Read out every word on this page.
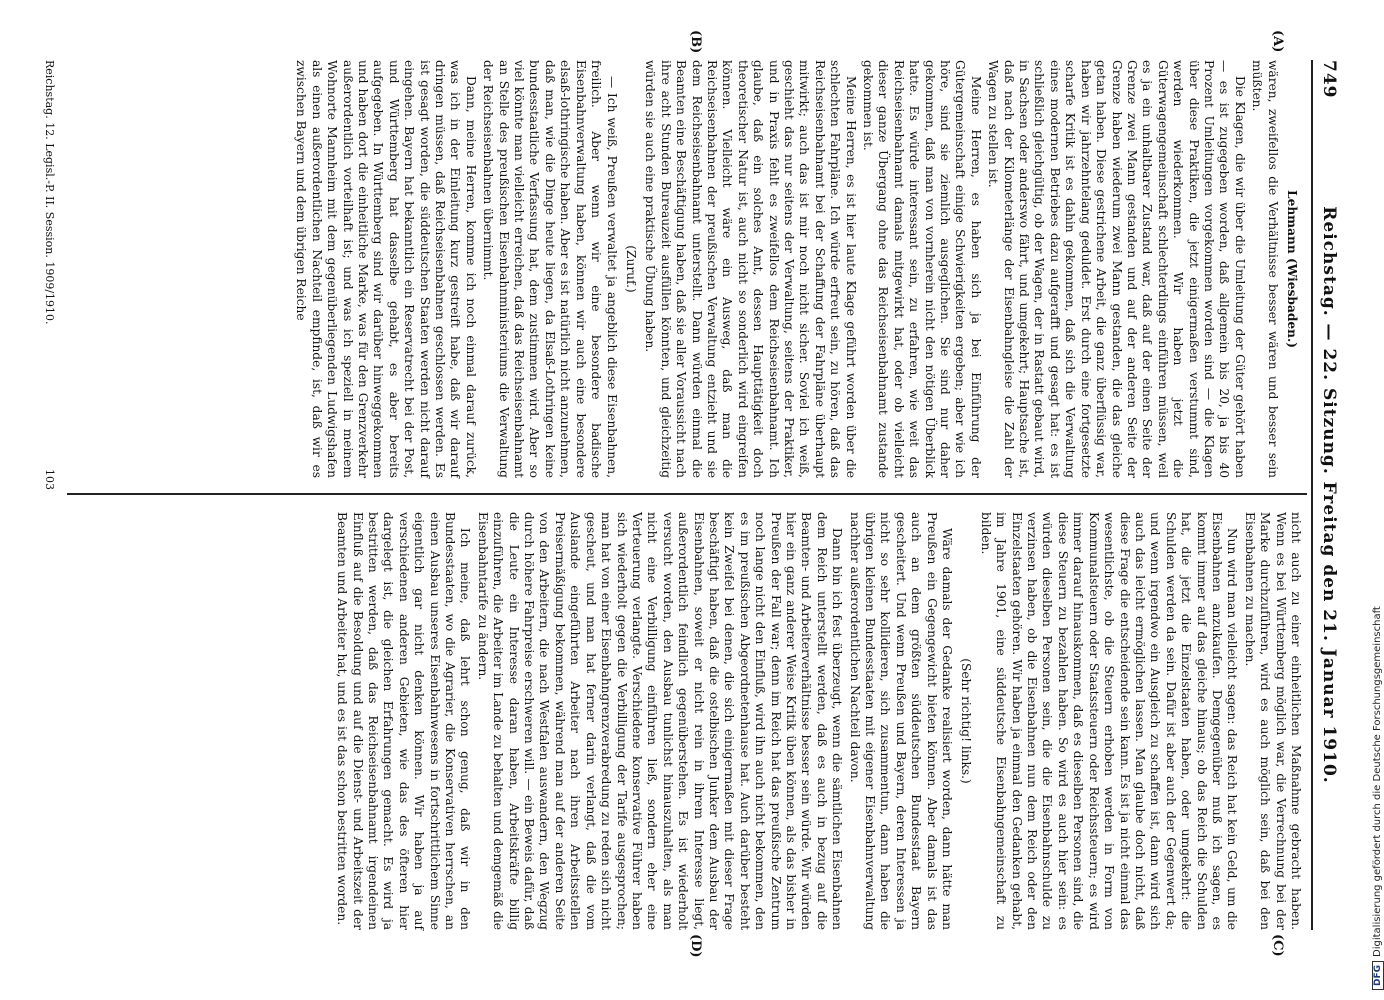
749
Reichstag. — 22. Sitzung. Freitag den 21. Januar 1910.
(A)
(B)
(C)
(D)

Lehmann (Wiesbaden.)

wären, zweifellos die Verhältnisse besser wären und besser sein müßten.

Die Klagen, die wir über die Umleitung der Güter gehört haben — es ist zugegeben worden, daß allgemein bis 20, ja bis 40 Prozent Umleitungen vorgekommen worden sind — die Klagen über diese Praktiken, die jetzt einigermaßen verstummt sind, werden wiederkommen. Wir haben jetzt die Güterwagengemeinschaft schlechterdings einführen müssen, weil es ja ein unhaltbarer Zustand war, daß auf der einen Seite der Grenze zwei Mann gestanden und auf der anderen Seite der Grenze haben wiederum zwei Mann gestanden, die das gleiche getan haben. Diese gestrichene Arbeit, die ganz überflüssig war, haben wir jahrzehntelang geduldet. Erst durch eine fortgesetzte scharfe Kritik ist es dahin gekommen, daß sich die Verwaltung eines modernen Betriebes dazu aufgerafft und gesagt hat: es ist schließlich gleichgültig, ob der Wagen, der in Rastatt gebaut wird, in Sachsen oder anderswo fährt, und umgekehrt; Hauptsache ist, daß nach der Kilometerlänge der Eisenbahngleise die Zahl der Wagen zu stellen ist.

Meine Herren, es haben sich ja bei Einführung der Gütergemeinschaft einige Schwierigkeiten ergeben; aber wie ich höre, sind sie ziemlich ausgeglichen. Sie sind nur daher gekommen, daß man von vornherein nicht den nötigen Überblick hatte. Es würde interessant sein, zu erfahren, wie weit das Reichseisenbahnamt damals mitgewirkt hat, oder ob vielleicht dieser ganze Übergang ohne das Reichseisenbahnamt zustande gekommen ist.

Meine Herren, es ist hier laute Klage geführt worden über die schlechten Fahrpläne. Ich würde erfreut sein, zu hören, daß das Reichseisenbahnamt bei der Schaffung der Fahrpläne überhaupt mitwirkt; auch das ist mir noch nicht sicher. Soviel ich weiß, geschieht das nur seitens der Verwaltung, seitens der Praktiker, und in Praxis fehlt es zweifellos dem Reichseisenbahnamt. Ich glaube, daß ein solches Amt, dessen Haupttätigkeit doch theoretischer Natur ist, auch nicht so sonderlich wird eingreifen können. Vielleicht wäre ein Ausweg, daß man die Reichseisenbahnen der preußischen Verwaltung entzieht und sie dem Reichseisenbahnamt unterstellt. Dann würden einmal die Beamten eine Beschäftigung haben, daß sie aller Voraussicht nach ihre acht Stunden Bureauzeit ausfüllen könnten, und gleichzeitig würden sie auch eine praktische Übung haben.

(Zuruf.)

— Ich weiß, Preußen verwaltet ja angeblich diese Eisenbahnen, freilich. Aber wenn wir eine besondere badische Eisenbahnverwaltung haben, können wir auch eine besondere elsaß-lothringische haben. Aber es ist natürlich nicht anzunehmen, daß man, wie die Dinge heute liegen, da Elsaß-Lothringen keine bundesstaatliche Verfassung hat, dem zustimmen wird. Aber so viel könnte man vielleicht erreichen, daß das Reichseisenbahnamt an Stelle des preußischen Eisenbahnministeriums die Verwaltung der Reichseisenbahnen übernimmt.

Dann, meine Herren, komme ich noch einmal darauf zurück, was ich in der Einleitung kurz gestreift habe, daß wir darauf dringen müssen, daß Reichseisenbahnen geschlossen werden. Es ist gesagt worden, die süddeutschen Staaten werden nicht darauf eingehen. Bayern hat bekanntlich ein Reservatrecht bei der Post, und Württemberg hat dasselbe gehabt, es aber bereits aufgegeben. In Württemberg sind wir darüber hinweggekommen und haben dort die einheitliche Marke, was für den Grenzverkehr außerordentlich vorteilhaft ist; und was ich speziell in meinem Wohnorte Mannheim mit dem gegenüberliegenden Ludwigshafen als einen außerordentlichen Nachteil empfinde, ist, daß wir es zwischen Bayern und dem übrigen Reiche

nicht auch zu einer einheitlichen Maßnahme gebracht haben. Wenn es bei Württemberg möglich war, die Verrechnung bei der Marke durchzuführen, wird es auch möglich sein, daß bei den Eisenbahnen zu machen.

Nun wird man vielleicht sagen: das Reich hat kein Geld, um die Eisenbahnen anzukaufen. Demgegenüber muß ich sagen, es kommt immer auf das gleiche hinaus; ob das Reich die Schulden hat, die jetzt die Einzelstaaten haben, oder umgekehrt: die Schulden werden da sein. Dafür ist aber auch der Gegenwert da; und wenn irgendwo ein Ausgleich zu schaffen ist, dann wird sich auch das leicht ermöglichen lassen. Man glaube doch nicht, daß diese Frage die entscheidende sein kann. Es ist ja nicht einmal das wesentlichste, ob die Steuern erhoben werden in Form von Kommunalsteuern oder Staatssteuern oder Reichssteuern; es wird immer darauf hinauskommen, daß es dieselben Personen sind, die diese Steuern zu bezahlen haben. So wird es auch hier sein: es würden dieselben Personen sein, die die Eisenbahnschulde zu verzinsen haben, ob die Eisenbahnen nun dem Reich oder den Einzelstaaten gehören. Wir haben ja einmal den Gedanken gehabt, im Jahre 1901, eine süddeutsche Eisenbahngemeinschaft zu bilden.

(Sehr richtig! links.)

Wäre damals der Gedanke realisiert worden, dann hätte man Preußen ein Gegengewicht bieten können. Aber damals ist das auch an dem größten süddeutschen Bundesstaat Bayern gescheitert. Und wenn Preußen und Bayern, deren Interessen ja nicht so sehr kollidieren, sich zusammentun, dann haben die übrigen kleinen Bundesstaaten mit eigener Eisenbahnverwaltung nachher außerordentlichen Nachteil davon.

Dann bin ich fest überzeugt, wenn die sämtlichen Eisenbahnen dem Reich unterstellt werden, daß es auch in bezug auf die Beamten- und Arbeiterverhältnisse besser sein würde. Wir würden hier ein ganz anderer Weise Kritik üben können, als das bisher in Preußen der Fall war; denn im Reich hat das preußische Zentrum noch lange nicht den Einfluß, wird ihn auch nicht bekommen, den es im preußischen Abgeordnetenhause hat. Auch darüber besteht kein Zweifel bei denen, die sich einigermaßen mit dieser Frage beschäftigt haben, daß die ostelbischen Junker dem Ausbau der Eisenbahnen, soweit er nicht rein in ihrem Interesse liegt, außerordentlich feindlich gegenüberstehen. Es ist wiederholt versucht worden, den Ausbau tunlichst hinauszuhalten, als man nicht eine Verbilligung einführen ließ, sondern eher eine Verteuerung verlangte. Verschiedene konservative Führer haben sich wiederholt gegen die Verbilligung der Tarife ausgesprochen; man hat von einer Eisenbahngrenzverabredung zu reden sich nicht gescheut, und man hat ferner darin verlangt, daß die vom Auslande eingeführten Arbeiter nach ihren Arbeitsstellen Preisermäßigung bekommen, während man auf der anderen Seite von den Arbeitern, die nach Westfalen auswandern, den Wegzug durch höhere Fahrpreise erschweren will. — ein Beweis dafür, daß die Leute ein Interesse daran haben, Arbeitskräfte billig einzuführen, die Arbeiter im Lande zu behalten und demgemäß die Eisenbahntarife zu ändern.

Ich meine, daß lehrt schon genug, daß wir in den Bundesstaaten, wo die Agrarier, die Konservativen herrschen, an einen Ausbau unseres Eisenbahnwesens in fortschrittlichem Sinne eigentlich gar nicht denken können. Wir haben ja auf verschiedenen anderen Gebieten, wie das des öfteren hier dargelegt ist, die gleichen Erfahrungen gemacht. Es wird ja bestritten werden, daß das Reichseisenbahnamt irgendeinen Einfluß auf die Besoldung und auf die Dienst- und Arbeitszeit der Beamten und Arbeiter hat, und es ist das schon bestritten worden.

Reichstag. 12. Legisl.-P. II. Session. 1909/1910.
103
DFGDigitalisierung gefördert durch die Deutsche Forschungsgemeinschaft
